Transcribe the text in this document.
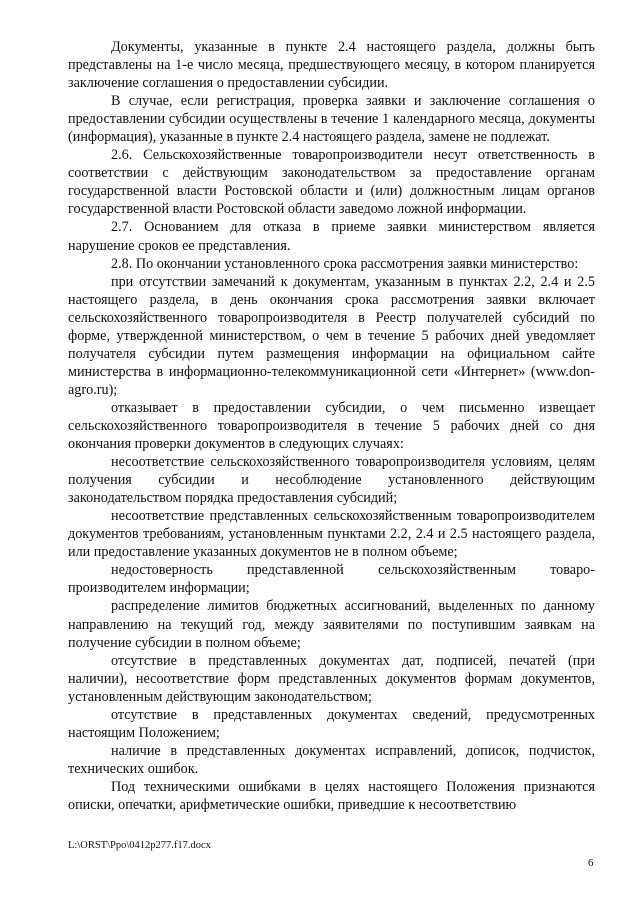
Документы, указанные в пункте 2.4 настоящего раздела, должны быть представлены на 1-е число месяца, предшествующего месяцу, в котором планируется заключение соглашения о предоставлении субсидии.

В случае, если регистрация, проверка заявки и заключение соглашения о предоставлении субсидии осуществлены в течение 1 календарного месяца, документы (информация), указанные в пункте 2.4 настоящего раздела, замене не подлежат.

2.6. Сельскохозяйственные товаропроизводители несут ответственность в соответствии с действующим законодательством за предоставление органам государственной власти Ростовской области и (или) должностным лицам органов государственной власти Ростовской области заведомо ложной информации.

2.7. Основанием для отказа в приеме заявки министерством является нарушение сроков ее представления.

2.8. По окончании установленного срока рассмотрения заявки министерство:

при отсутствии замечаний к документам, указанным в пунктах 2.2, 2.4 и 2.5 настоящего раздела, в день окончания срока рассмотрения заявки включает сельскохозяйственного товаропроизводителя в Реестр получателей субсидий по форме, утвержденной министерством, о чем в течение 5 рабочих дней уведомляет получателя субсидии путем размещения информации на официальном сайте министерства в информационно-телекоммуникационной сети «Интернет» (www.don-agro.ru);

отказывает в предоставлении субсидии, о чем письменно извещает сельскохозяйственного товаропроизводителя в течение 5 рабочих дней со дня окончания проверки документов в следующих случаях:

несоответствие сельскохозяйственного товаропроизводителя условиям, целям получения субсидии и несоблюдение установленного действующим законодательством порядка предоставления субсидий;

несоответствие представленных сельскохозяйственным товаропроизводителем документов требованиям, установленным пунктами 2.2, 2.4 и 2.5 настоящего раздела, или предоставление указанных документов не в полном объеме;

недостоверность представленной сельскохозяйственным товаро-производителем информации;

распределение лимитов бюджетных ассигнований, выделенных по данному направлению на текущий год, между заявителями по поступившим заявкам на получение субсидии в полном объеме;

отсутствие в представленных документах дат, подписей, печатей (при наличии), несоответствие форм представленных документов формам документов, установленным действующим законодательством;

отсутствие в представленных документах сведений, предусмотренных настоящим Положением;

наличие в представленных документах исправлений, дописок, подчисток, технических ошибок.

Под техническими ошибками в целях настоящего Положения признаются описки, опечатки, арифметические ошибки, приведшие к несоответствию

L:\ORST\Ppo\0412p277.f17.docx
6
